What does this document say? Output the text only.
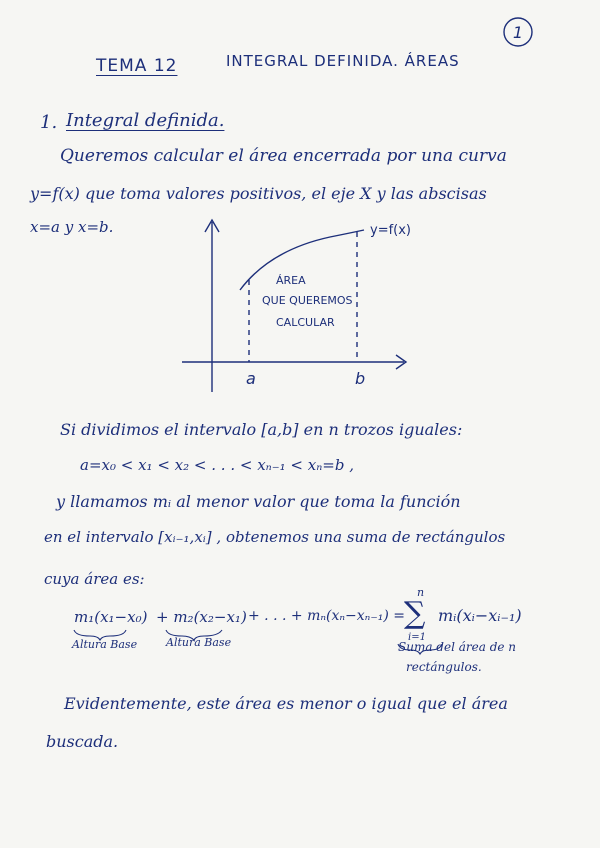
1
TEMA 12	INTEGRAL DEFINIDA. ÁREAS
1. Integral definida.
Queremos calcular el área encerrada por una curva
y=f(x) que toma valores positivos, el eje X y las abscisas
x=a y x=b.	y=f(x)
ÁREA
QUE QUEREMOS
CALCULAR
a	b
Si dividimos el intervalo [a,b] en n trozos iguales:
a=x₀ < x₁ < x₂ < . . . < xₙ₋₁ < xₙ=b ,
y llamamos mᵢ al menor valor que toma la función
en el intervalo [xᵢ₋₁,xᵢ] , obtenemos una suma de rectángulos
cuya área es:
m₁(x₁−x₀) + m₂(x₂−x₁) + . . . + mₙ(xₙ−xₙ₋₁) =
n
∑
i=1
mᵢ(xᵢ−xᵢ₋₁)
Altura Base	Altura Base	Suma del área de n
rectángulos.
Evidentemente, este área es menor o igual que el área
buscada.
